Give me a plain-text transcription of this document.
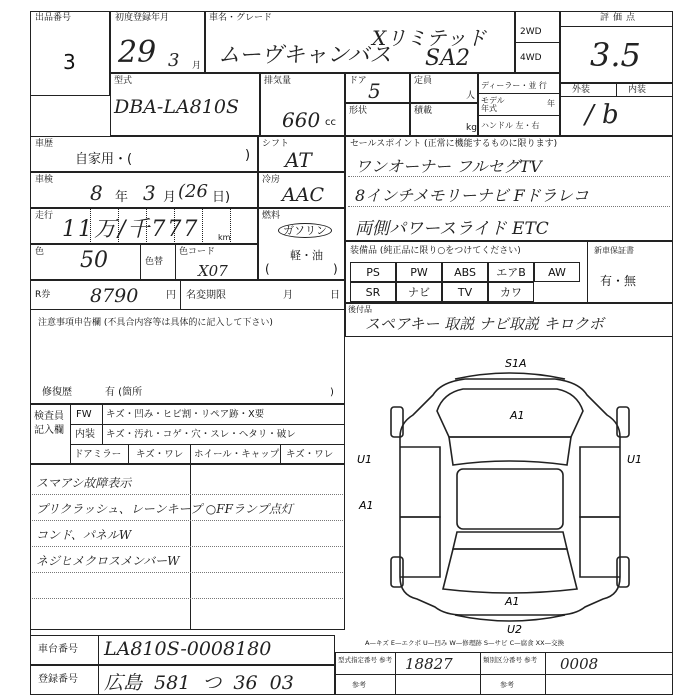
出品番号
3
初度登録年月
29 3 月
車名・グレード
Xリミテッド
ムーヴキャンバス SA2
2WD
4WD
評価点
3.5
外装	内装
/ b
型式
DBA-LA810S
排気量
660 cc
ドア 5	定員
人
形状	積載
kg
ディーラー・並 行
モデル 年式
年
ハンドル 左・右
車歴
自家用・(	)
シフト
AT
車検
8 年 3 月 (26 日)
冷房
AAC
走行
11万/千777 km
燃料
ガソリン
軽・油
(	)
色 50	色替
色コード
X07
R券 8790	円 名変期限	月	日
注意事項申告欄 (不具合内容等は具体的に記入して下さい)
修復歴	有 (箇所	)
セールスポイント (正常に機能するものに限ります)
ワンオーナー フルセグTV
8インチメモリーナビ Fドラレコ
両側パワースライド ETC
装備品 (純正品に限り○をつけてください)	新車保証書
有・無
PS	PW	ABS	エアB	AW
SR	ナビ	TV	カワ
後付品
スペアキー 取説 ナビ取説 キロクボ
S1A
A1
U1	U1
A1
A1
U2
検査員 記入欄
FW キズ・凹み・ヒビ割・リペア跡・X要
内装 キズ・汚れ・コゲ・穴・スレ・ヘタリ・破レ
ドアミラー キズ・ワレ ホイール・キャップ キズ・ワレ
スマアシ故障表示
プリクラッシュ、レーンキープ ○FFランプ点灯
コンド、パネルW
ネジヒメクロスメンバーW
車台番号 LA810S-0008180
登録番号 広島 581 つ 36 03
A—キズ E—エクボ U—凹み W—修理跡 S—サビ C—腐食 XX—交換
型式指定番号 参考 18827	類別区分番号 参考	0008
参考	参考
